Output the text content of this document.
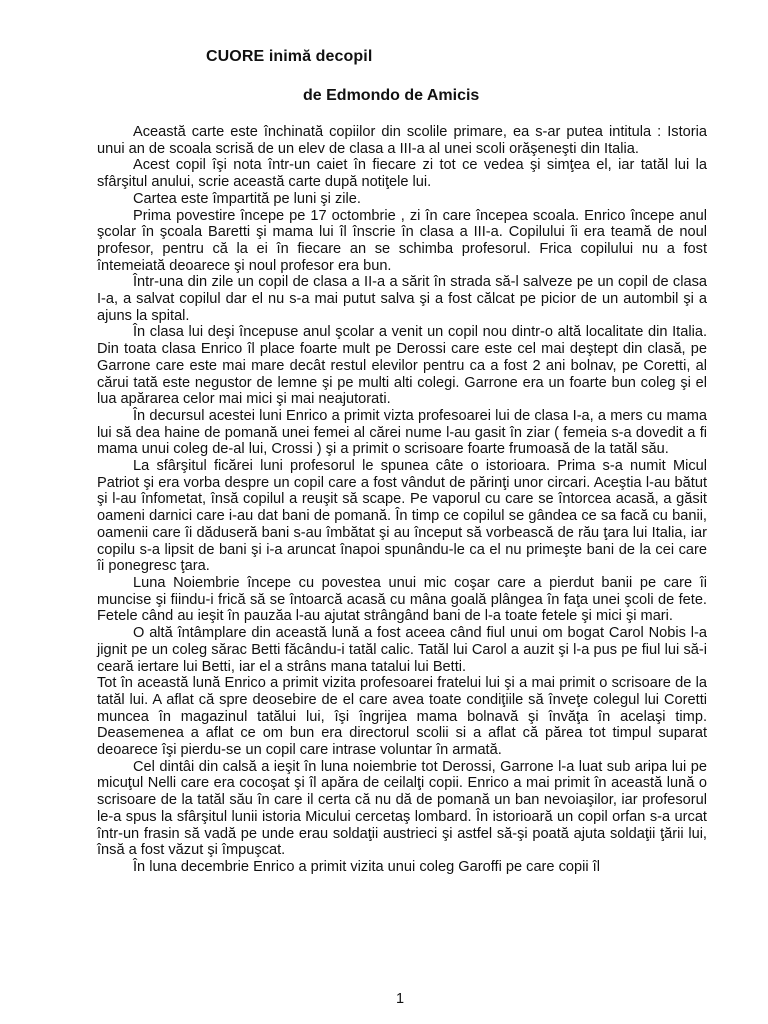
CUORE inimă decopil
de Edmondo de Amicis

Această carte este închinată copiilor din scolile primare, ea s-ar putea intitula : Istoria unui an de scoala scrisă de un elev de clasa a III-a al unei scoli orăşeneşti din Italia.

Acest copil îşi nota într-un caiet în fiecare zi tot ce vedea şi simţea el, iar tatăl lui la sfârşitul anului, scrie această carte după notiţele lui.

Cartea este împartită pe luni şi zile.

Prima povestire începe pe 17 octombrie , zi în care începea scoala. Enrico începe anul şcolar în şcoala Baretti şi mama lui îl înscrie în clasa a III-a. Copilului îi era teamă de noul profesor, pentru că la ei în fiecare an se schimba profesorul. Frica copilului nu a fost întemeiată deoarece şi noul profesor era bun.

Într-una din zile un copil de clasa a II-a a sărit în strada să-l salveze pe un copil de clasa I-a, a salvat copilul dar el nu s-a mai putut salva şi a fost călcat pe picior de un autombil şi a ajuns la spital.

În clasa lui deşi începuse anul şcolar a venit un copil nou dintr-o altă localitate din Italia. Din toata clasa Enrico îl place foarte mult pe Derossi care este cel mai deştept din clasă, pe Garrone care este mai mare decât restul elevilor pentru ca a fost 2 ani bolnav, pe Coretti, al cărui tată este negustor de lemne şi pe multi alti colegi. Garrone era un foarte bun coleg şi el lua apărarea celor mai mici şi mai neajutorati.

În decursul acestei luni Enrico a primit vizta profesoarei lui de clasa I-a, a mers cu mama lui să dea haine de pomană unei femei al cărei nume l-au gasit în ziar ( femeia s-a dovedit a fi mama unui coleg de-al lui, Crossi ) şi a primit o scrisoare foarte frumoasă de la tatăl său.

La sfârşitul ficărei luni profesorul le spunea câte o istorioara. Prima s-a numit Micul Patriot şi era vorba despre un copil care a fost vândut de părinţi unor circari. Aceştia l-au bătut şi l-au înfometat, însă copilul a reuşit să scape. Pe vaporul cu care se întorcea acasă, a găsit oameni darnici care i-au dat bani de pomană. În timp ce copilul se gândea ce sa facă cu banii, oamenii care îi dăduseră bani s-au îmbătat şi au început să vorbească de rău ţara lui Italia, iar copilu s-a lipsit de bani şi i-a aruncat înapoi spunându-le ca el nu primeşte bani de la cei care îi ponegresc ţara.

Luna Noiembrie începe cu povestea unui mic coşar care a pierdut banii pe care îi muncise şi fiindu-i frică să se întoarcă acasă cu mâna goală plângea în faţa unei şcoli de fete. Fetele când au ieşit în pauzăa l-au ajutat strângând bani de l-a toate fetele şi mici şi mari.

O altă întâmplare din această lună a fost aceea când fiul unui om bogat Carol Nobis l-a jignit pe un coleg sărac Betti făcându-i tatăl calic. Tatăl lui Carol a auzit şi l-a pus pe fiul lui să-i ceară iertare lui Betti, iar el a strâns mana tatalui lui Betti.

Tot în această lună Enrico a primit vizita profesoarei fratelui lui şi a mai primit o scrisoare de la tatăl lui. A aflat că spre deosebire de el care avea toate condiţiile să înveţe colegul lui Coretti muncea în magazinul tatălui lui, îşi îngrijea mama bolnavă şi învăţa în acelaşi timp. Deasemenea a aflat ce om bun era directorul scolii si a aflat că părea tot timpul suparat deoarece îşi pierdu-se un copil care intrase voluntar în armată.

Cel dintâi din calsă a ieşit în luna noiembrie tot Derossi, Garrone l-a luat sub aripa lui pe micuţul Nelli care era cocoşat şi îl apăra de ceilalţi copii. Enrico a mai primit în această lună o scrisoare de la tatăl său în care il certa că nu dă de pomană un ban nevoiaşilor, iar profesorul le-a spus la sfârşitul lunii istoria Micului cercetaş lombard. În istorioară un copil orfan s-a urcat într-un frasin să vadă pe unde erau soldaţii austrieci şi astfel să-şi poată ajuta soldaţii ţării lui, însă a fost văzut şi împuşcat.

În luna decembrie Enrico a primit vizita unui coleg Garoffi pe care copii îl

1
